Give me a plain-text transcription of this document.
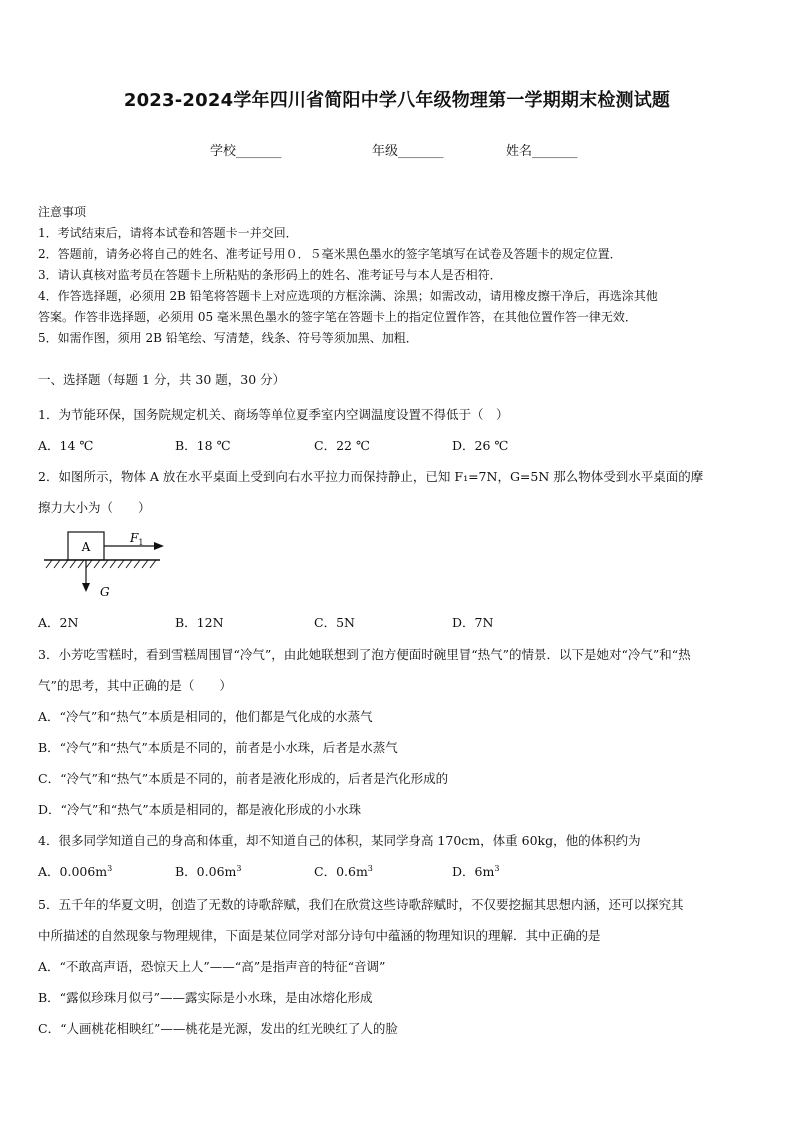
2023-2024学年四川省简阳中学八年级物理第一学期期末检测试题
学校_______	年级_______	姓名_______
注意事项
1．考试结束后，请将本试卷和答题卡一并交回．
2．答题前，请务必将自己的姓名、准考证号用０．５毫米黑色墨水的签字笔填写在试卷及答题卡的规定位置．
3．请认真核对监考员在答题卡上所粘贴的条形码上的姓名、准考证号与本人是否相符．
4．作答选择题，必须用 2B 铅笔将答题卡上对应选项的方框涂满、涂黑；如需改动，请用橡皮擦干净后，再选涂其他
答案。作答非选择题，必须用 05 毫米黑色墨水的签字笔在答题卡上的指定位置作答，在其他位置作答一律无效．
5．如需作图，须用 2B 铅笔绘、写清楚，线条、符号等须加黑、加粗．
一、选择题（每题 1 分，共 30 题，30 分）
1．为节能环保，国务院规定机关、商场等单位夏季室内空调温度设置不得低于（　）
A．14 ℃	B．18 ℃	C．22 ℃	D．26 ℃
2．如图所示，物体 A 放在水平桌面上受到向右水平拉力而保持静止，已知 F₁=7N，G=5N 那么物体受到水平桌面的摩
擦力大小为（　　）
A
$F_1$
G
A．2N	B．12N	C．5N	D．7N
3．小芳吃雪糕时，看到雪糕周围冒“冷气”，由此她联想到了泡方便面时碗里冒“热气”的情景．以下是她对“冷气”和“热
气”的思考，其中正确的是（　　）
A．“冷气”和“热气”本质是相同的，他们都是气化成的水蒸气
B．“冷气”和“热气”本质是不同的，前者是小水珠，后者是水蒸气
C．“冷气”和“热气”本质是不同的，前者是液化形成的，后者是汽化形成的
D．“冷气”和“热气”本质是相同的，都是液化形成的小水珠
4．很多同学知道自己的身高和体重，却不知道自己的体积，某同学身高 170cm，体重 60kg，他的体积约为
A．$0.006m^3$	B．$0.06m^3$	C．$0.6m^3$	D．$6m^3$
5．五千年的华夏文明，创造了无数的诗歌辞赋，我们在欣赏这些诗歌辞赋时，不仅要挖掘其思想内涵，还可以探究其
中所描述的自然现象与物理规律，下面是某位同学对部分诗句中蕴涵的物理知识的理解．其中正确的是
A．“不敢高声语，恐惊天上人”——“高”是指声音的特征“音调”
B．“露似珍珠月似弓”——露实际是小水珠，是由冰熔化形成
C．“人画桃花相映红”——桃花是光源，发出的红光映红了人的脸
